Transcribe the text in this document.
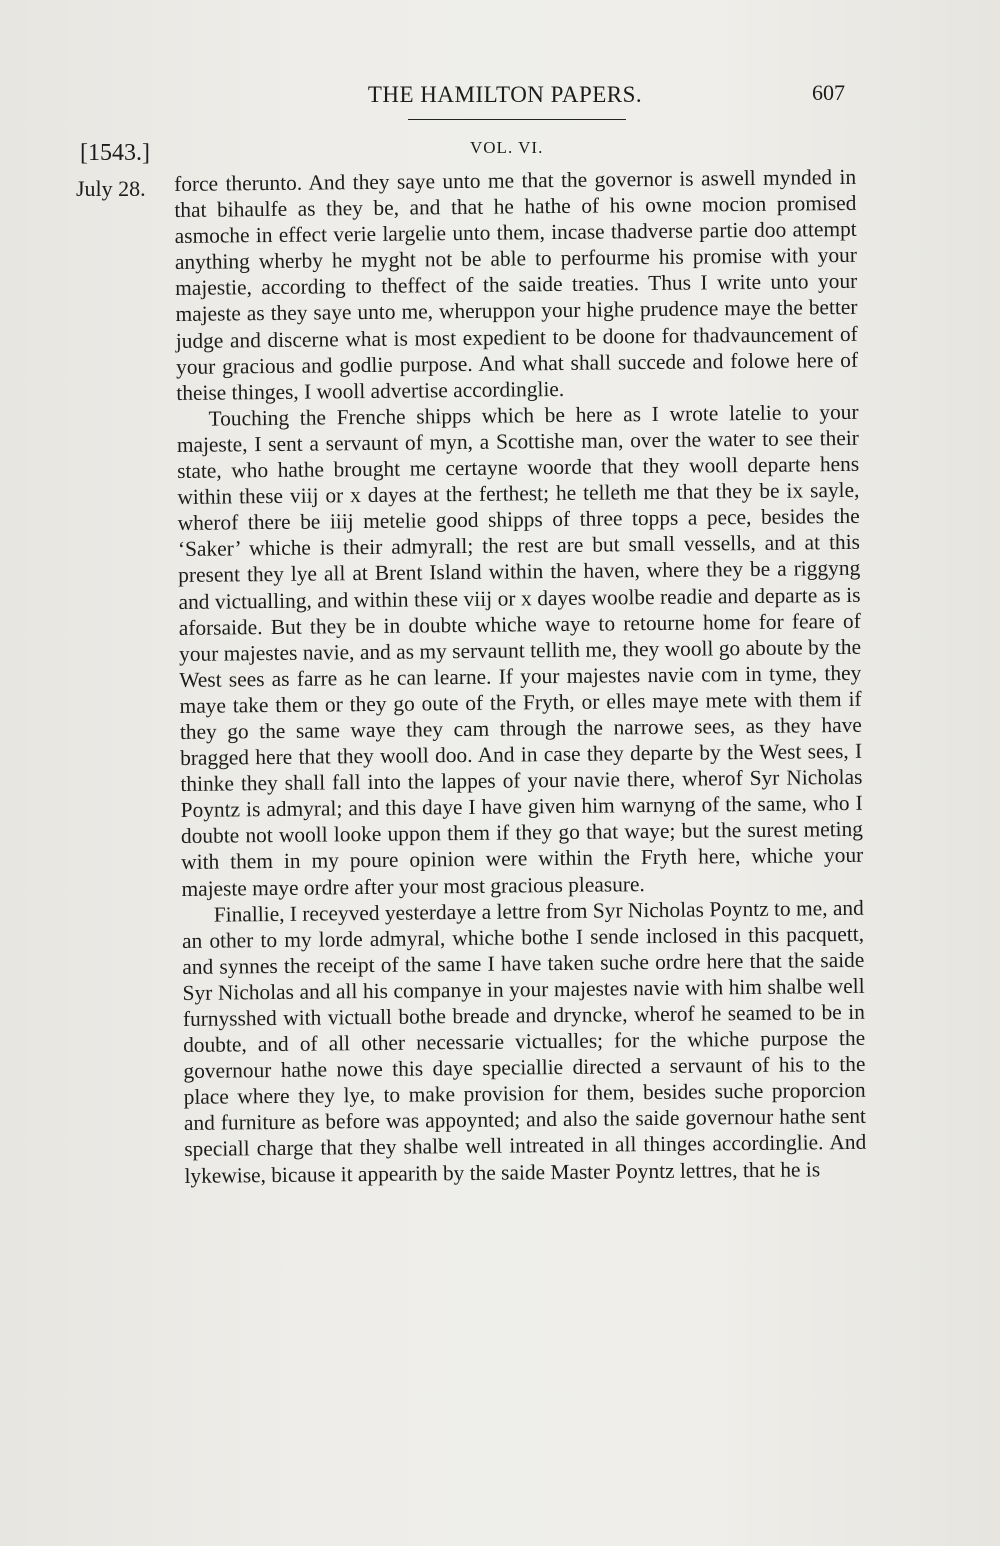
THE HAMILTON PAPERS.	607
[1543.]	VOL. VI.
July 28. force therunto. And they saye unto me that the governor is aswell mynded in that bihaulfe as they be, and that he hathe of his owne mocion promised asmoche in effect verie largelie unto them, incase thadverse partie doo attempt anything wherby he myght not be able to perfourme his promise with your majestie, according to theffect of the saide treaties. Thus I write unto your majeste as they saye unto me, wheruppon your highe prudence maye the better judge and discerne what is most expedient to be doone for thadvauncement of your gracious and godlie purpose. And what shall succede and folowe here of theise thinges, I wooll advertise accordinglie.

Touching the Frenche shipps which be here as I wrote latelie to your majeste, I sent a servaunt of myn, a Scottishe man, over the water to see their state, who hathe brought me certayne woorde that they wooll departe hens within these viij or x dayes at the ferthest; he telleth me that they be ix sayle, wherof there be iiij metelie good shipps of three topps a pece, besides the ‘Saker’ whiche is their admyrall; the rest are but small vessells, and at this present they lye all at Brent Island within the haven, where they be a riggyng and victualling, and within these viij or x dayes woolbe readie and departe as is aforsaide. But they be in doubte whiche waye to retourne home for feare of your majestes navie, and as my servaunt tellith me, they wooll go aboute by the West sees as farre as he can learne. If your majestes navie com in tyme, they maye take them or they go oute of the Fryth, or elles maye mete with them if they go the same waye they cam through the narrowe sees, as they have bragged here that they wooll doo. And in case they departe by the West sees, I thinke they shall fall into the lappes of your navie there, wherof Syr Nicholas Poyntz is admyral; and this daye I have given him warnyng of the same, who I doubte not wooll looke uppon them if they go that waye; but the surest meting with them in my poure opinion were within the Fryth here, whiche your majeste maye ordre after your most gracious pleasure.

Finallie, I receyved yesterdaye a lettre from Syr Nicholas Poyntz to me, and an other to my lorde admyral, whiche bothe I sende inclosed in this pacquett, and synnes the receipt of the same I have taken suche ordre here that the saide Syr Nicholas and all his companye in your majestes navie with him shalbe well furnysshed with victuall bothe breade and dryncke, wherof he seamed to be in doubte, and of all other necessarie victualles; for the whiche purpose the governour hathe nowe this daye speciallie directed a servaunt of his to the place where they lye, to make provision for them, besides suche proporcion and furniture as before was appoynted; and also the saide governour hathe sent speciall charge that they shalbe well intreated in all thinges accordinglie. And lykewise, bicause it appearith by the saide Master Poyntz lettres, that he is
